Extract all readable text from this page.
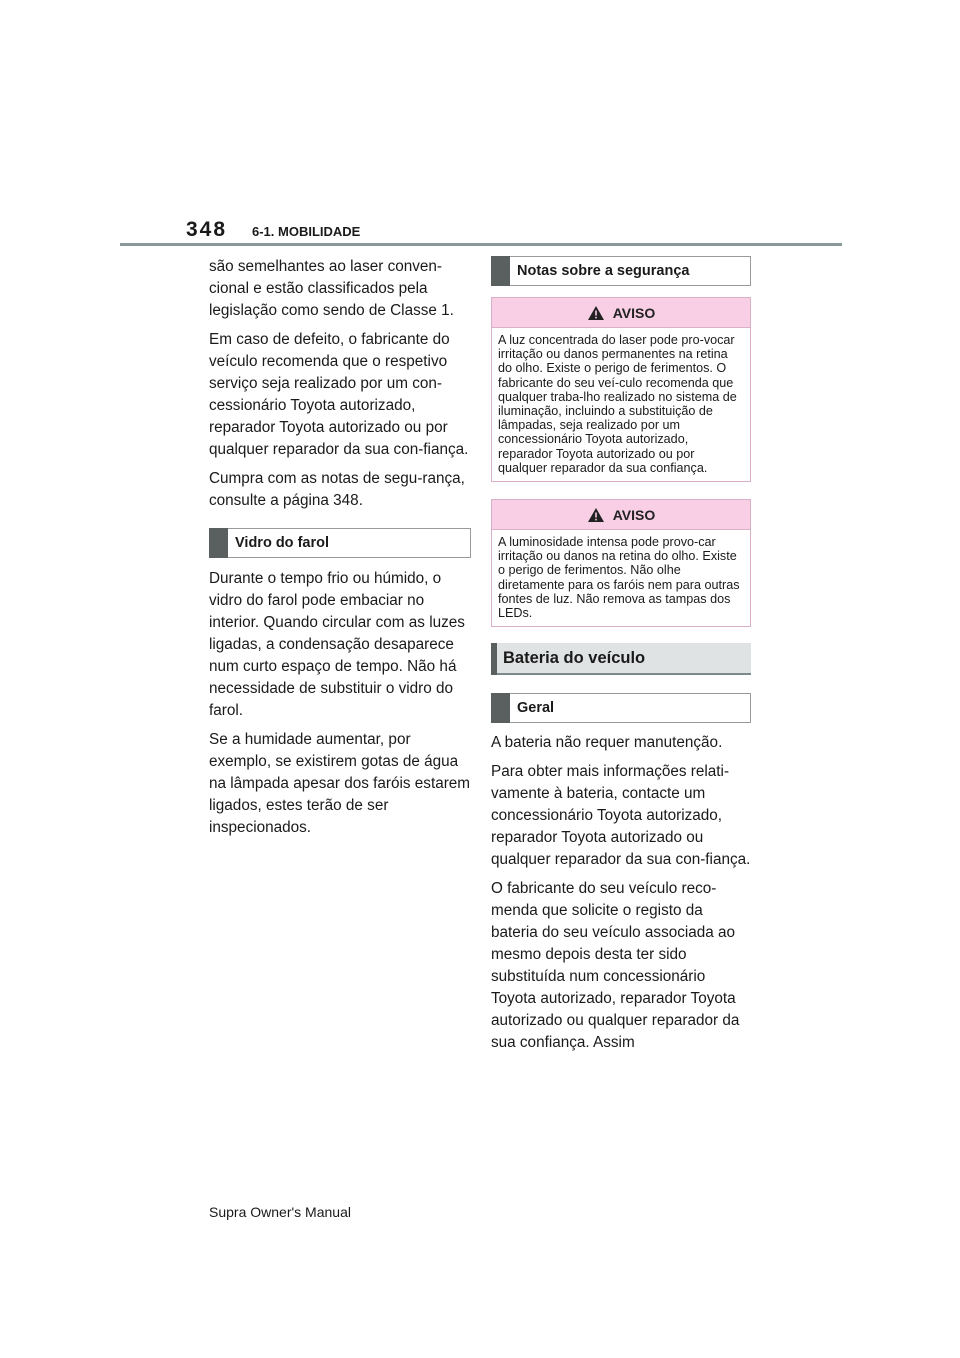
348	6-1. MOBILIDADE

são semelhantes ao laser conven-cional e estão classificados pela legislação como sendo de Classe 1.

Em caso de defeito, o fabricante do veículo recomenda que o respetivo serviço seja realizado por um con-cessionário Toyota autorizado, reparador Toyota autorizado ou por qualquer reparador da sua con-fiança.

Cumpra com as notas de segu-rança, consulte a página 348.

Vidro do farol

Durante o tempo frio ou húmido, o vidro do farol pode embaciar no interior. Quando circular com as luzes ligadas, a condensação desaparece num curto espaço de tempo. Não há necessidade de substituir o vidro do farol.

Se a humidade aumentar, por exemplo, se existirem gotas de água na lâmpada apesar dos faróis estarem ligados, estes terão de ser inspecionados.

Notas sobre a segurança
AVISO
A luz concentrada do laser pode pro-vocar irritação ou danos permanentes na retina do olho. Existe o perigo de ferimentos. O fabricante do seu veí-culo recomenda que qualquer traba-lho realizado no sistema de iluminação, incluindo a substituição de lâmpadas, seja realizado por um concessionário Toyota autorizado, reparador Toyota autorizado ou por qualquer reparador da sua confiança.
AVISO
A luminosidade intensa pode provo-car irritação ou danos na retina do olho. Existe o perigo de ferimentos. Não olhe diretamente para os faróis nem para outras fontes de luz. Não remova as tampas dos LEDs.
Bateria do veículo
Geral

A bateria não requer manutenção.

Para obter mais informações relati-vamente à bateria, contacte um concessionário Toyota autorizado, reparador Toyota autorizado ou qualquer reparador da sua con-fiança.

O fabricante do seu veículo reco-menda que solicite o registo da bateria do seu veículo associada ao mesmo depois desta ter sido substituída num concessionário Toyota autorizado, reparador Toyota autorizado ou qualquer reparador da sua confiança. Assim

Supra Owner's Manual
